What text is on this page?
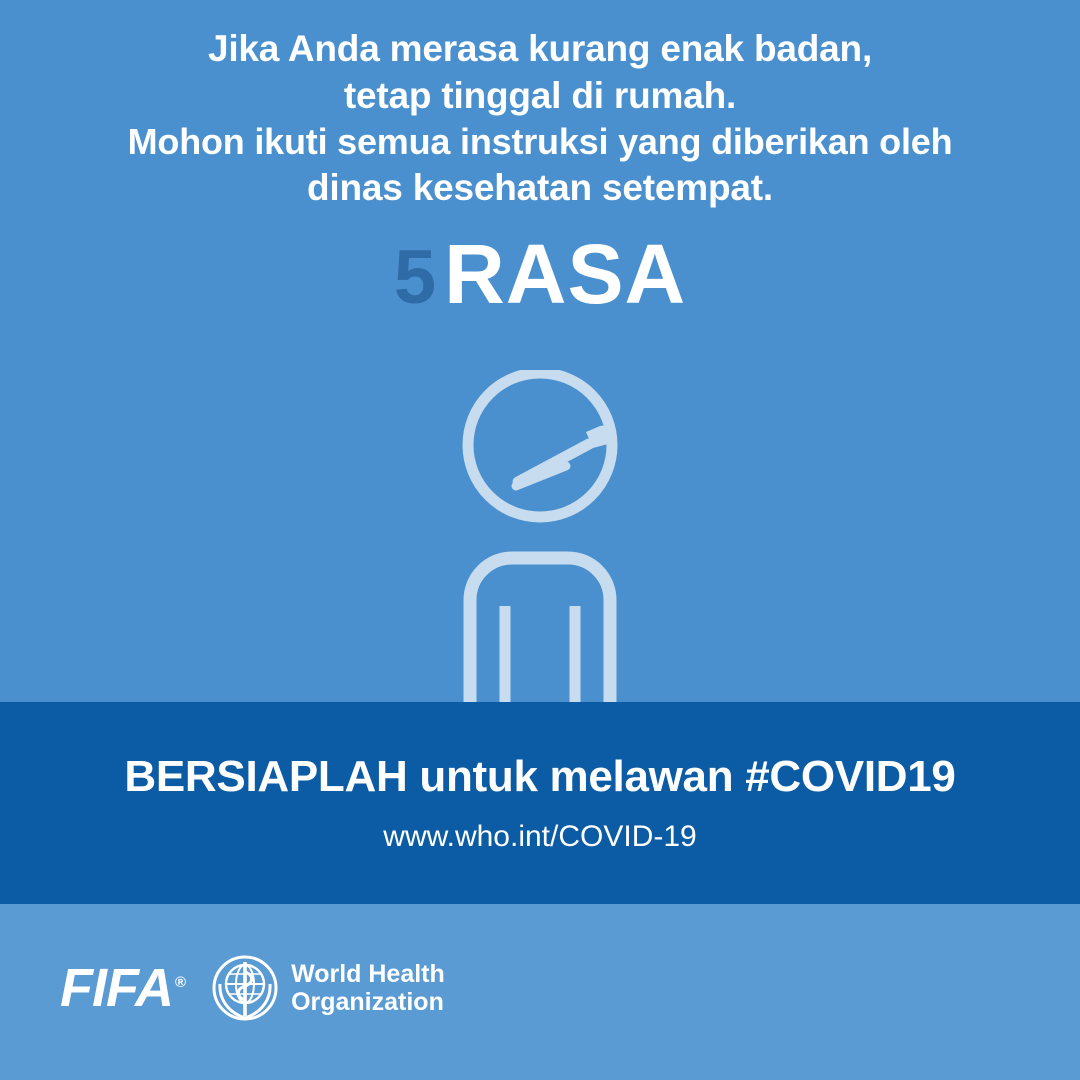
Jika Anda merasa kurang enak badan,
tetap tinggal di rumah.
Mohon ikuti semua instruksi yang diberikan oleh
dinas kesehatan setempat.
5RASA
BERSIAPLAH untuk melawan #COVID19
www.who.int/COVID-19
FIFA ®	World Health
Organization
